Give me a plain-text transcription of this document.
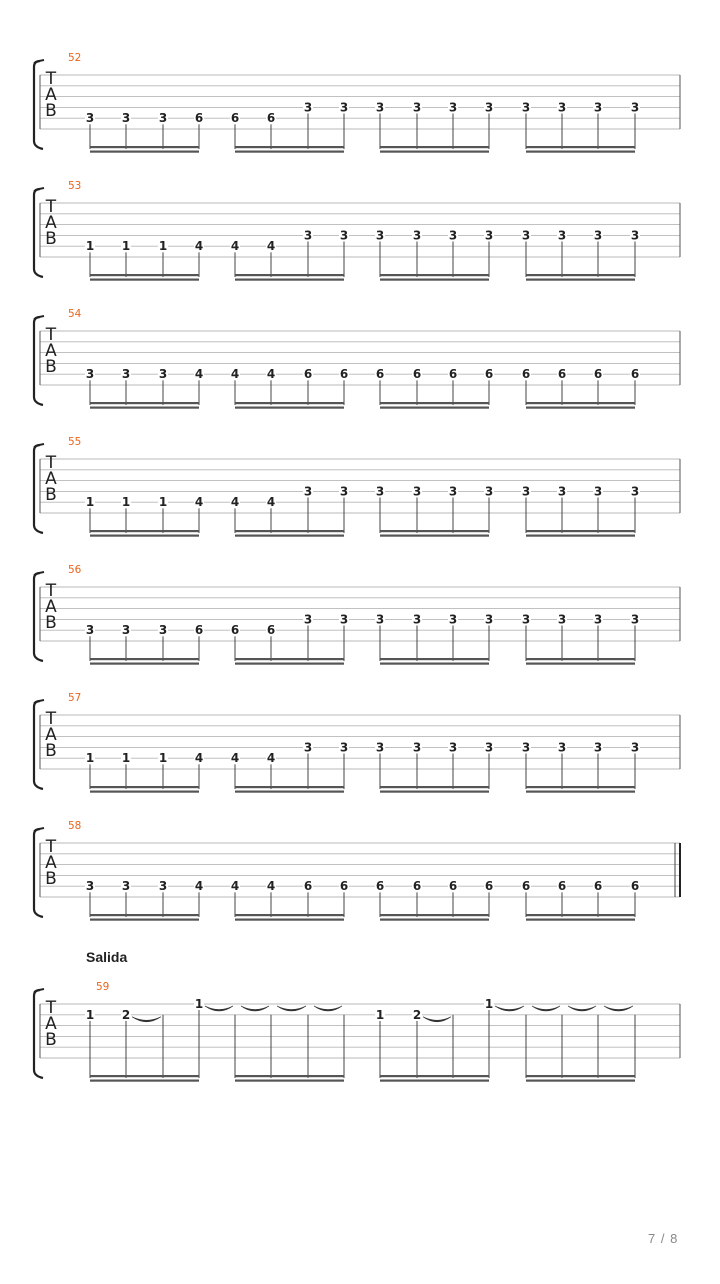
T
A
B
52
3 3 3 6 6 6
3 3 3 3 3 3 3 3 3 3
T
A
B
53
1 1 1 4 4 4
3 3 3 3 3 3 3 3 3 3
T
A
B
54
3 3 3 4 4 4 6 6 6 6 6 6 6 6 6 6
T
A
B
55
1 1 1 4 4 4
3 3 3 3 3 3 3 3 3 3
T
A
B
56
3 3 3 6 6 6
3 3 3 3 3 3 3 3 3 3
T
A
B
57
1 1 1 4 4 4
3 3 3 3 3 3 3 3 3 3
T
A
B
58
3 3 3 4 4 4 6 6 6 6 6 6 6 6 6 6
T
A
B
59
1 2
1
1 2
1
Salida
7 / 8
